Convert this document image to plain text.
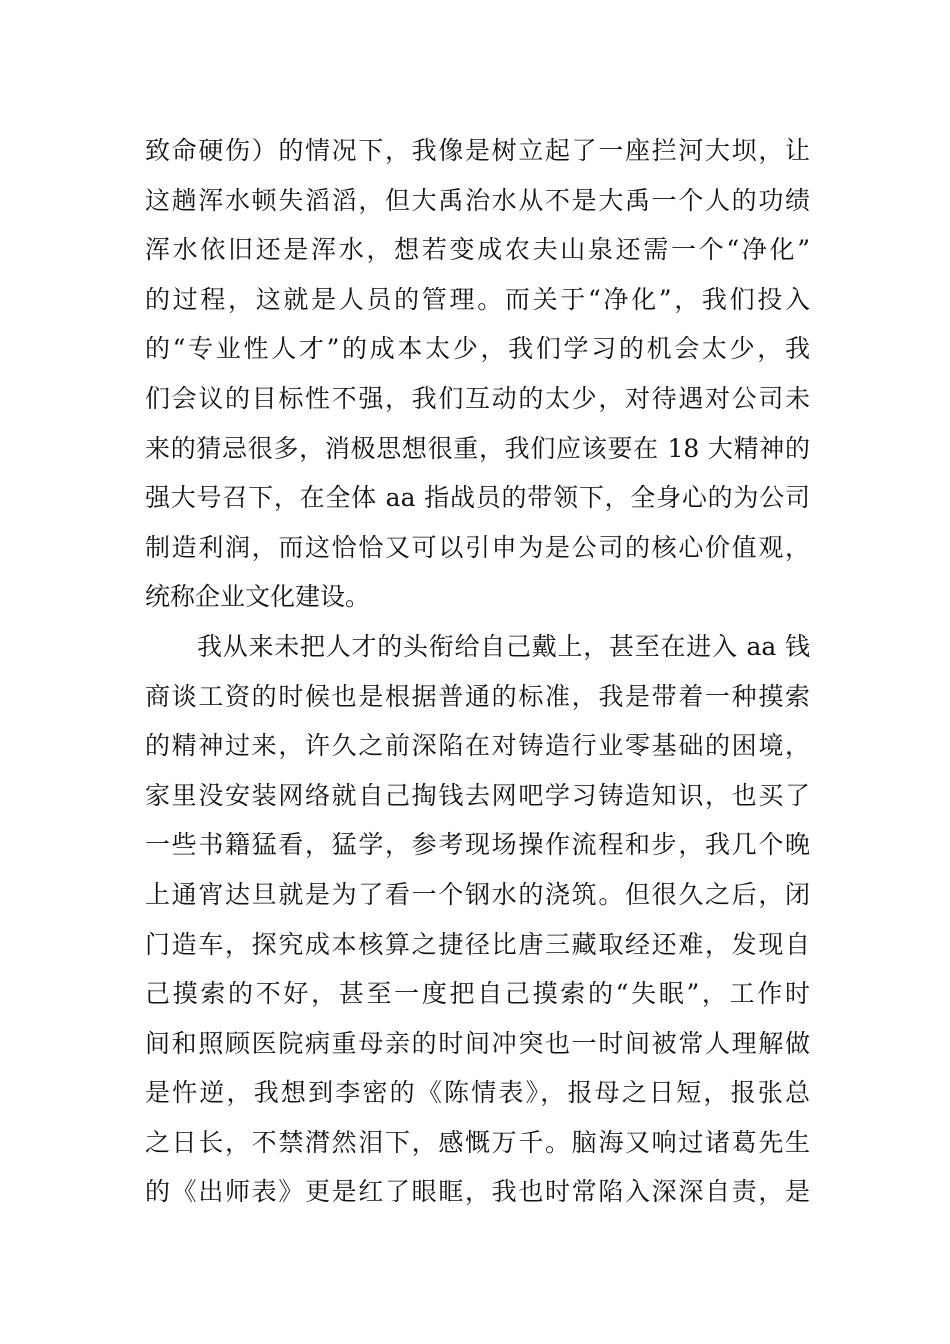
致命硬伤）的情况下，我像是树立起了一座拦河大坝，让
这趟浑水顿失滔滔，但大禹治水从不是大禹一个人的功绩
浑水依旧还是浑水，想若变成农夫山泉还需一个“净化”
的过程，这就是人员的管理。而关于“净化”，我们投入
的“专业性人才”的成本太少，我们学习的机会太少，我
们会议的目标性不强，我们互动的太少，对待遇对公司未
来的猜忌很多，消极思想很重，我们应该要在 18 大精神的
强大号召下，在全体 aa 指战员的带领下，全身心的为公司
制造利润，而这恰恰又可以引申为是公司的核心价值观，
统称企业文化建设。
我从来未把人才的头衔给自己戴上，甚至在进入 aa 钱
商谈工资的时候也是根据普通的标准，我是带着一种摸索
的精神过来，许久之前深陷在对铸造行业零基础的困境，
家里没安装网络就自己掏钱去网吧学习铸造知识，也买了
一些书籍猛看，猛学，参考现场操作流程和步，我几个晚
上通宵达旦就是为了看一个钢水的浇筑。但很久之后，闭
门造车，探究成本核算之捷径比唐三藏取经还难，发现自
己摸索的不好，甚至一度把自己摸索的“失眠”，工作时
间和照顾医院病重母亲的时间冲突也一时间被常人理解做
是忤逆，我想到李密的《陈情表》，报母之日短，报张总
之日长，不禁潸然泪下，感慨万千。脑海又响过诸葛先生
的《出师表》更是红了眼眶，我也时常陷入深深自责，是
